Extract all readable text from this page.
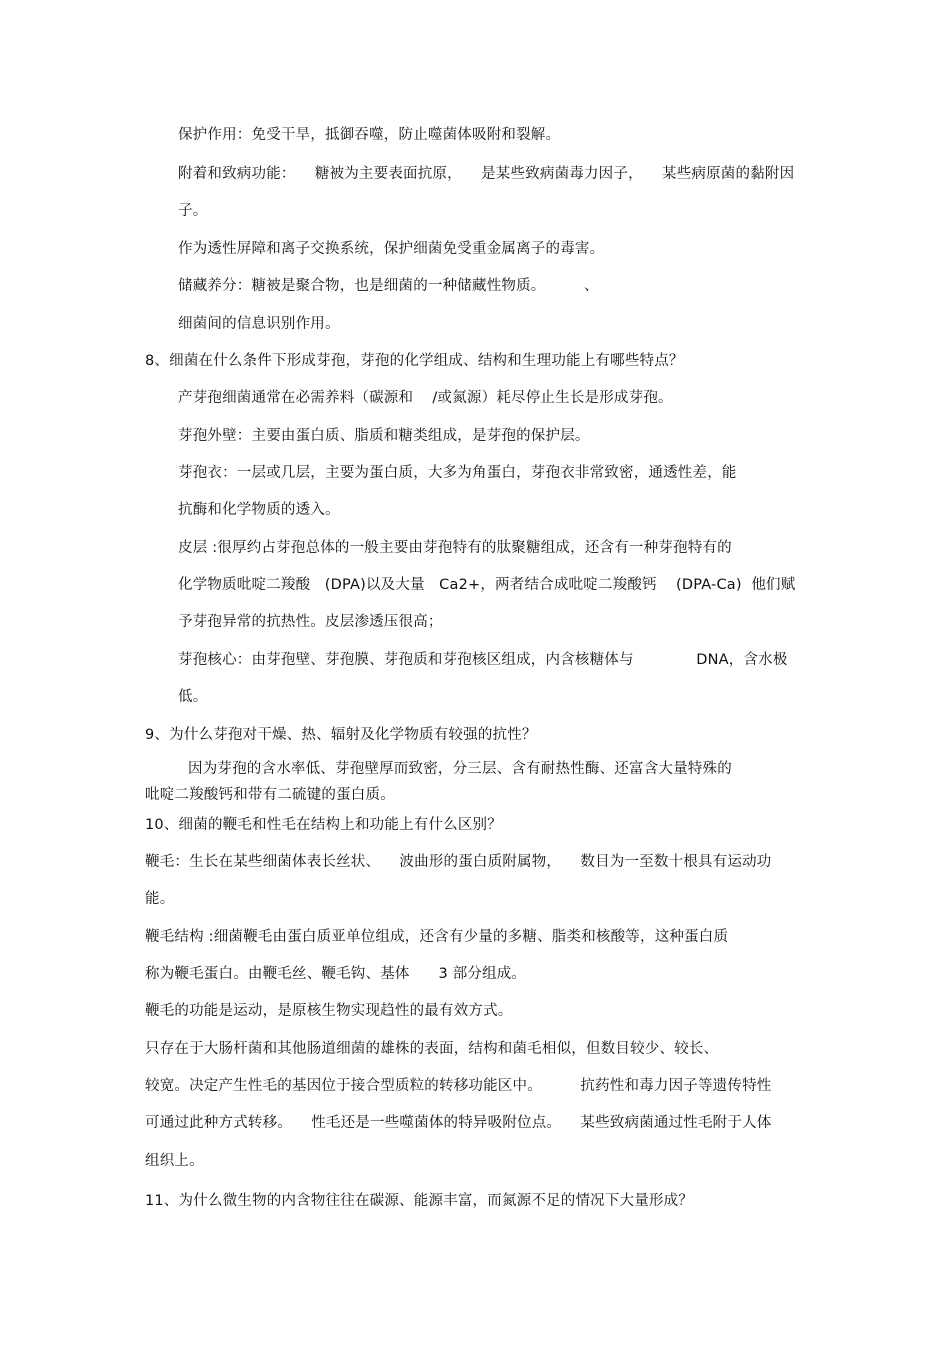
保护作用：免受干旱，抵御吞噬，防止噬菌体吸附和裂解。
附着和致病功能：    糖被为主要表面抗原，    是某些致病菌毒力因子，    某些病原菌的黏附因
子。
作为透性屏障和离子交换系统，保护细菌免受重金属离子的毒害。
储藏养分：糖被是聚合物，也是细菌的一种储藏性物质。        、
细菌间的信息识别作用。
8、细菌在什么条件下形成芽孢，芽孢的化学组成、结构和生理功能上有哪些特点？
产芽孢细菌通常在必需养料（碳源和    /或氮源）耗尽停止生长是形成芽孢。
芽孢外壁：主要由蛋白质、脂质和糖类组成，是芽孢的保护层。
芽孢衣：一层或几层，主要为蛋白质，大多为角蛋白，芽孢衣非常致密，通透性差，能
抗酶和化学物质的透入。
皮层 :很厚约占芽孢总体的一般主要由芽孢特有的肽聚糖组成，还含有一种芽孢特有的
化学物质吡啶二羧酸   (DPA)以及大量   Ca2+，两者结合成吡啶二羧酸钙    (DPA-Ca)  他们赋
予芽孢异常的抗热性。皮层渗透压很高；
芽孢核心：由芽孢壁、芽孢膜、芽孢质和芽孢核区组成，内含核糖体与             DNA，含水极
低。
9、为什么芽孢对干燥、热、辐射及化学物质有较强的抗性？
因为芽孢的含水率低、芽孢壁厚而致密，分三层、含有耐热性酶、还富含大量特殊的
吡啶二羧酸钙和带有二硫键的蛋白质。
10、细菌的鞭毛和性毛在结构上和功能上有什么区别？
鞭毛：生长在某些细菌体表长丝状、    波曲形的蛋白质附属物，    数目为一至数十根具有运动功
能。
鞭毛结构 :细菌鞭毛由蛋白质亚单位组成，还含有少量的多糖、脂类和核酸等，这种蛋白质
称为鞭毛蛋白。由鞭毛丝、鞭毛钩、基体      3 部分组成。
鞭毛的功能是运动，是原核生物实现趋性的最有效方式。
只存在于大肠杆菌和其他肠道细菌的雄株的表面，结构和菌毛相似，但数目较少、较长、
较宽。决定产生性毛的基因位于接合型质粒的转移功能区中。        抗药性和毒力因子等遗传特性
可通过此种方式转移。    性毛还是一些噬菌体的特异吸附位点。    某些致病菌通过性毛附于人体
组织上。
11、为什么微生物的内含物往往在碳源、能源丰富，而氮源不足的情况下大量形成？
